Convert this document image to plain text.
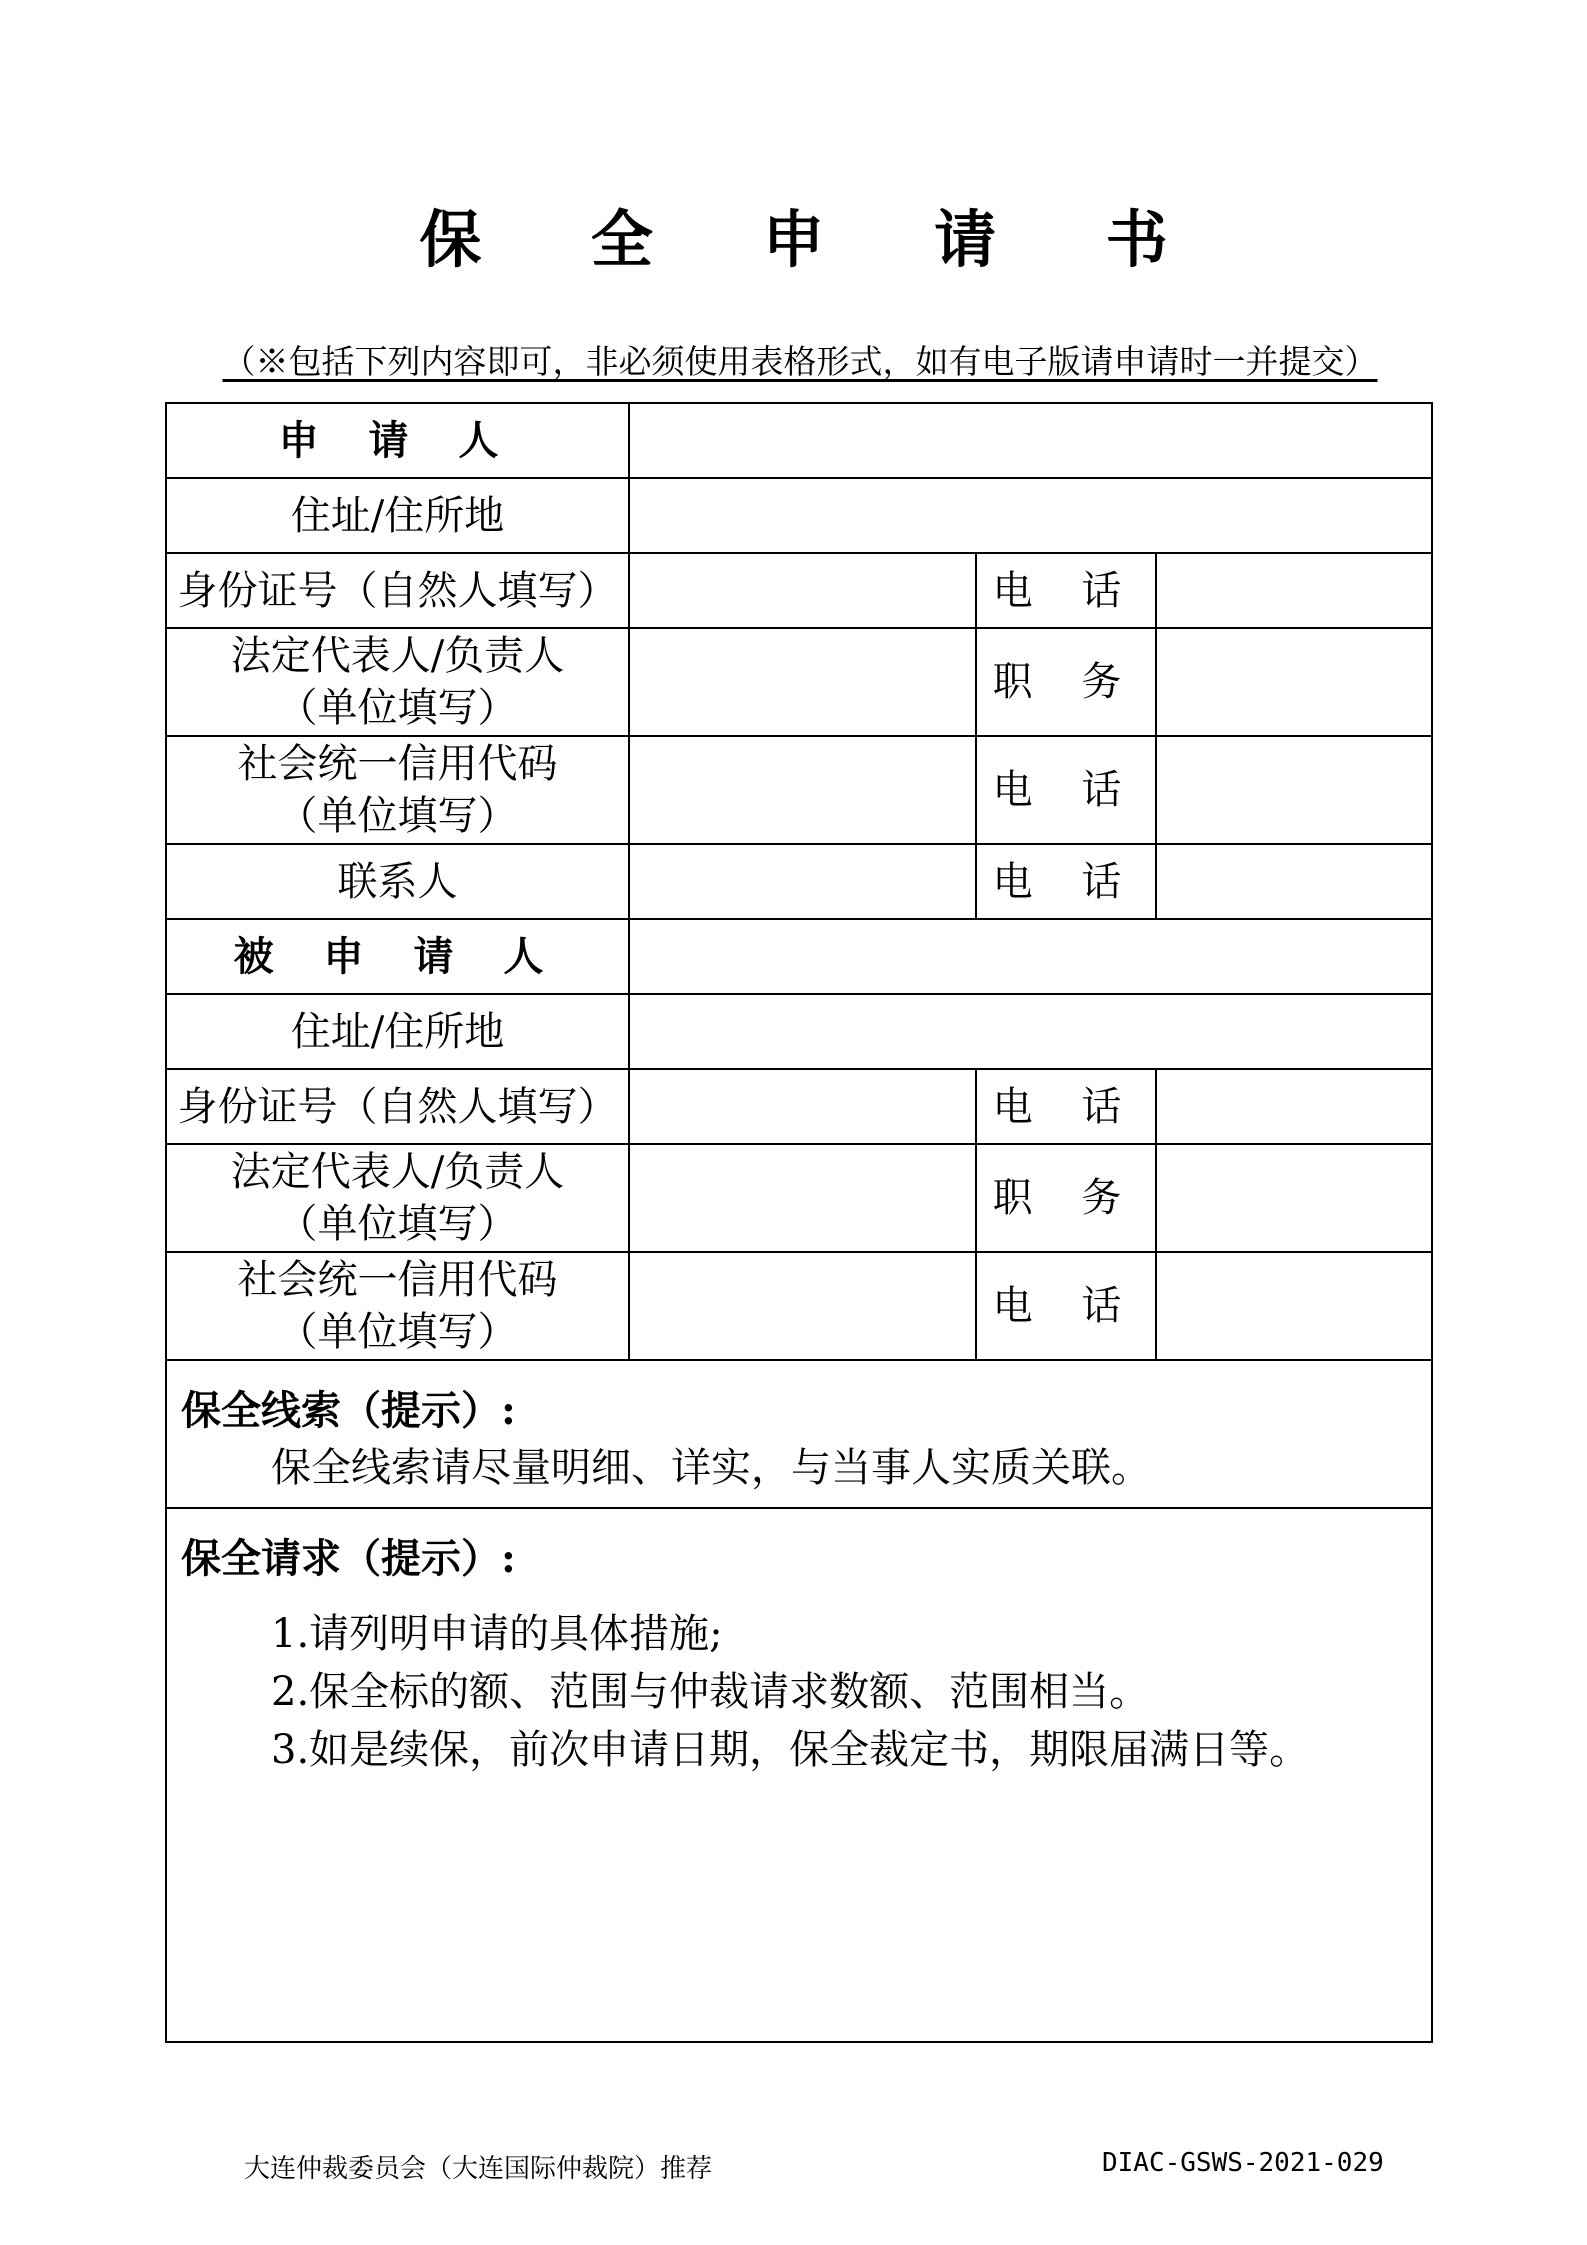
保 全 申 请 书
（※包括下列内容即可，非必须使用表格形式，如有电子版请申请时一并提交）
申 请 人			
住址/住所地			
身份证号（自然人填写）		电 话	
法定代表人/负责人
（单位填写）		职 务	
社会统一信用代码
（单位填写）		电 话	
联系人		电 话	
被 申 请 人			
住址/住所地			
身份证号（自然人填写）		电 话	
法定代表人/负责人
（单位填写）		职 务	
社会统一信用代码
（单位填写）		电 话	

保全线索（提示）:
保全线索请尽量明细、详实，与当事人实质关联。			

保全请求（提示）:
1.请列明申请的具体措施;
2.保全标的额、范围与仲裁请求数额、范围相当。
3.如是续保，前次申请日期，保全裁定书，期限届满日等。			
大连仲裁委员会（大连国际仲裁院）推荐	DIAC-GSWS-2021-029
